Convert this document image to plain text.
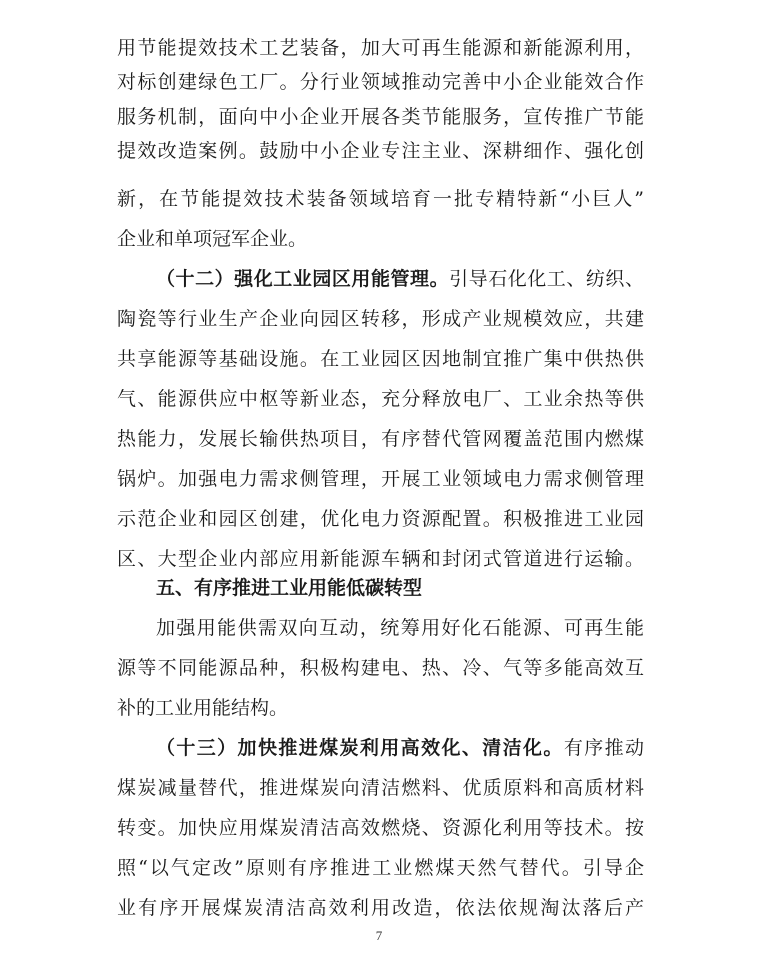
用节能提效技术工艺装备，加大可再生能源和新能源利用，
对标创建绿色工厂。分行业领域推动完善中小企业能效合作
服务机制，面向中小企业开展各类节能服务，宣传推广节能
提效改造案例。鼓励中小企业专注主业、深耕细作、强化创
新，在节能提效技术装备领域培育一批专精特新“小巨人”
企业和单项冠军企业。
（十二）强化工业园区用能管理。引导石化化工、纺织、
陶瓷等行业生产企业向园区转移，形成产业规模效应，共建
共享能源等基础设施。在工业园区因地制宜推广集中供热供
气、能源供应中枢等新业态，充分释放电厂、工业余热等供
热能力，发展长输供热项目，有序替代管网覆盖范围内燃煤
锅炉。加强电力需求侧管理，开展工业领域电力需求侧管理
示范企业和园区创建，优化电力资源配置。积极推进工业园
区、大型企业内部应用新能源车辆和封闭式管道进行运输。
五、有序推进工业用能低碳转型
加强用能供需双向互动，统筹用好化石能源、可再生能
源等不同能源品种，积极构建电、热、冷、气等多能高效互
补的工业用能结构。
（十三）加快推进煤炭利用高效化、清洁化。有序推动
煤炭减量替代，推进煤炭向清洁燃料、优质原料和高质材料
转变。加快应用煤炭清洁高效燃烧、资源化利用等技术。按
照“以气定改”原则有序推进工业燃煤天然气替代。引导企
业有序开展煤炭清洁高效利用改造，依法依规淘汰落后产
7
